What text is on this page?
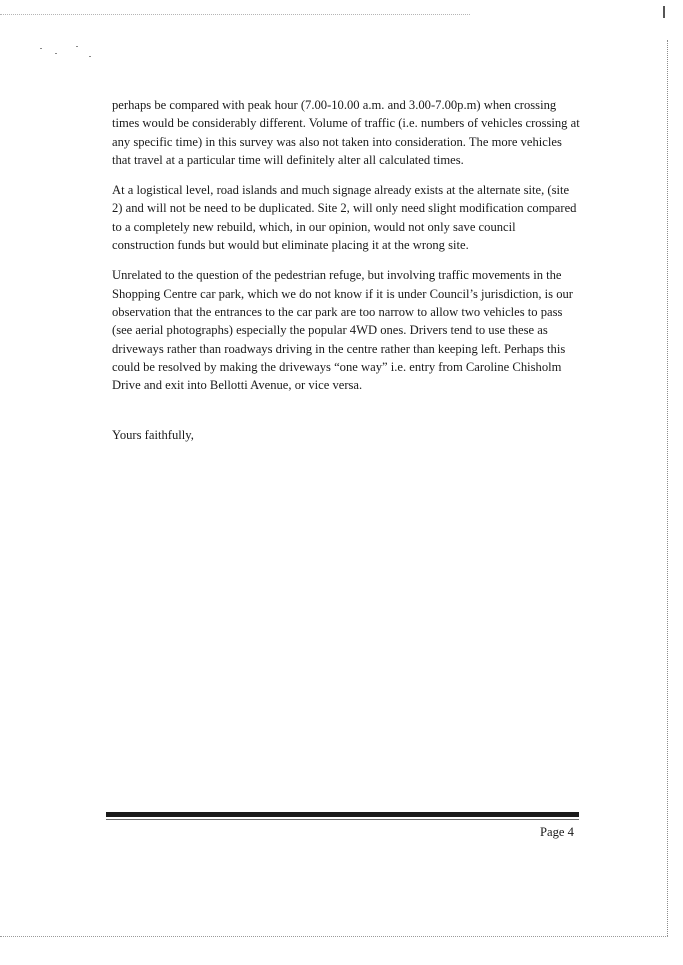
perhaps be compared with peak hour (7.00-10.00 a.m. and 3.00-7.00p.m) when crossing
times would be considerably different. Volume of traffic (i.e. numbers of vehicles crossing at
any specific time) in this survey was also not taken into consideration. The more vehicles
that travel at a particular time will definitely alter all calculated times.

At a logistical level, road islands and much signage already exists at the alternate site, (site
2) and will not be need to be duplicated. Site 2, will only need slight modification compared
to a completely new rebuild, which, in our opinion, would not only save council
construction funds but would but eliminate placing it at the wrong site.

Unrelated to the question of the pedestrian refuge, but involving traffic movements in the
Shopping Centre car park, which we do not know if it is under Council’s jurisdiction, is our
observation that the entrances to the car park are too narrow to allow two vehicles to pass
(see aerial photographs) especially the popular 4WD ones. Drivers tend to use these as
driveways rather than roadways driving in the centre rather than keeping left. Perhaps this
could be resolved by making the driveways “one way” i.e. entry from Caroline Chisholm
Drive and exit into Bellotti Avenue, or vice versa.

Yours faithfully,
Page 4
